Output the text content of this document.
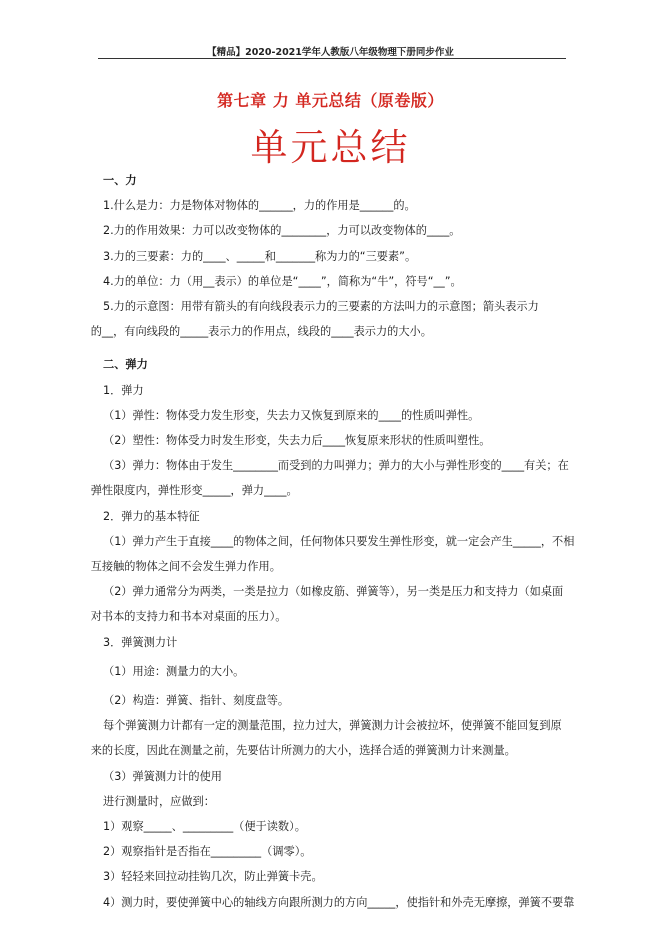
【精品】2020-2021学年人教版八年级物理下册同步作业
第七章 力 单元总结（原卷版）
单元总结

一、力

1.什么是力：力是物体对物体的______，力的作用是______的。

2.力的作用效果：力可以改变物体的________，力可以改变物体的____。

3.力的三要素：力的____、_____和_______称为力的“三要素”。

4.力的单位：力（用__表示）的单位是“____”，简称为“牛”，符号“__”。

5.力的示意图：用带有箭头的有向线段表示力的三要素的方法叫力的示意图；箭头表示力

的__，有向线段的_____表示力的作用点，线段的____表示力的大小。

二、弹力

1．弹力

（1）弹性：物体受力发生形变，失去力又恢复到原来的____的性质叫弹性。

（2）塑性：物体受力时发生形变，失去力后____恢复原来形状的性质叫塑性。

（3）弹力：物体由于发生________而受到的力叫弹力；弹力的大小与弹性形变的____有关；在

弹性限度内，弹性形变_____，弹力____。

2．弹力的基本特征

（1）弹力产生于直接____的物体之间，任何物体只要发生弹性形变，就一定会产生_____，不相

互接触的物体之间不会发生弹力作用。

（2）弹力通常分为两类，一类是拉力（如橡皮筋、弹簧等），另一类是压力和支持力（如桌面

对书本的支持力和书本对桌面的压力）。

3．弹簧测力计

（1）用途：测量力的大小。

（2）构造：弹簧、指针、刻度盘等。

每个弹簧测力计都有一定的测量范围，拉力过大，弹簧测力计会被拉坏，使弹簧不能回复到原

来的长度，因此在测量之前，先要估计所测力的大小，选择合适的弹簧测力计来测量。

（3）弹簧测力计的使用

进行测量时，应做到：

1）观察_____、_________（便于读数）。

2）观察指针是否指在_________（调零）。

3）轻轻来回拉动挂钩几次，防止弹簧卡壳。

4）测力时，要使弹簧中心的轴线方向跟所测力的方向_____，使指针和外壳无摩擦，弹簧不要靠
